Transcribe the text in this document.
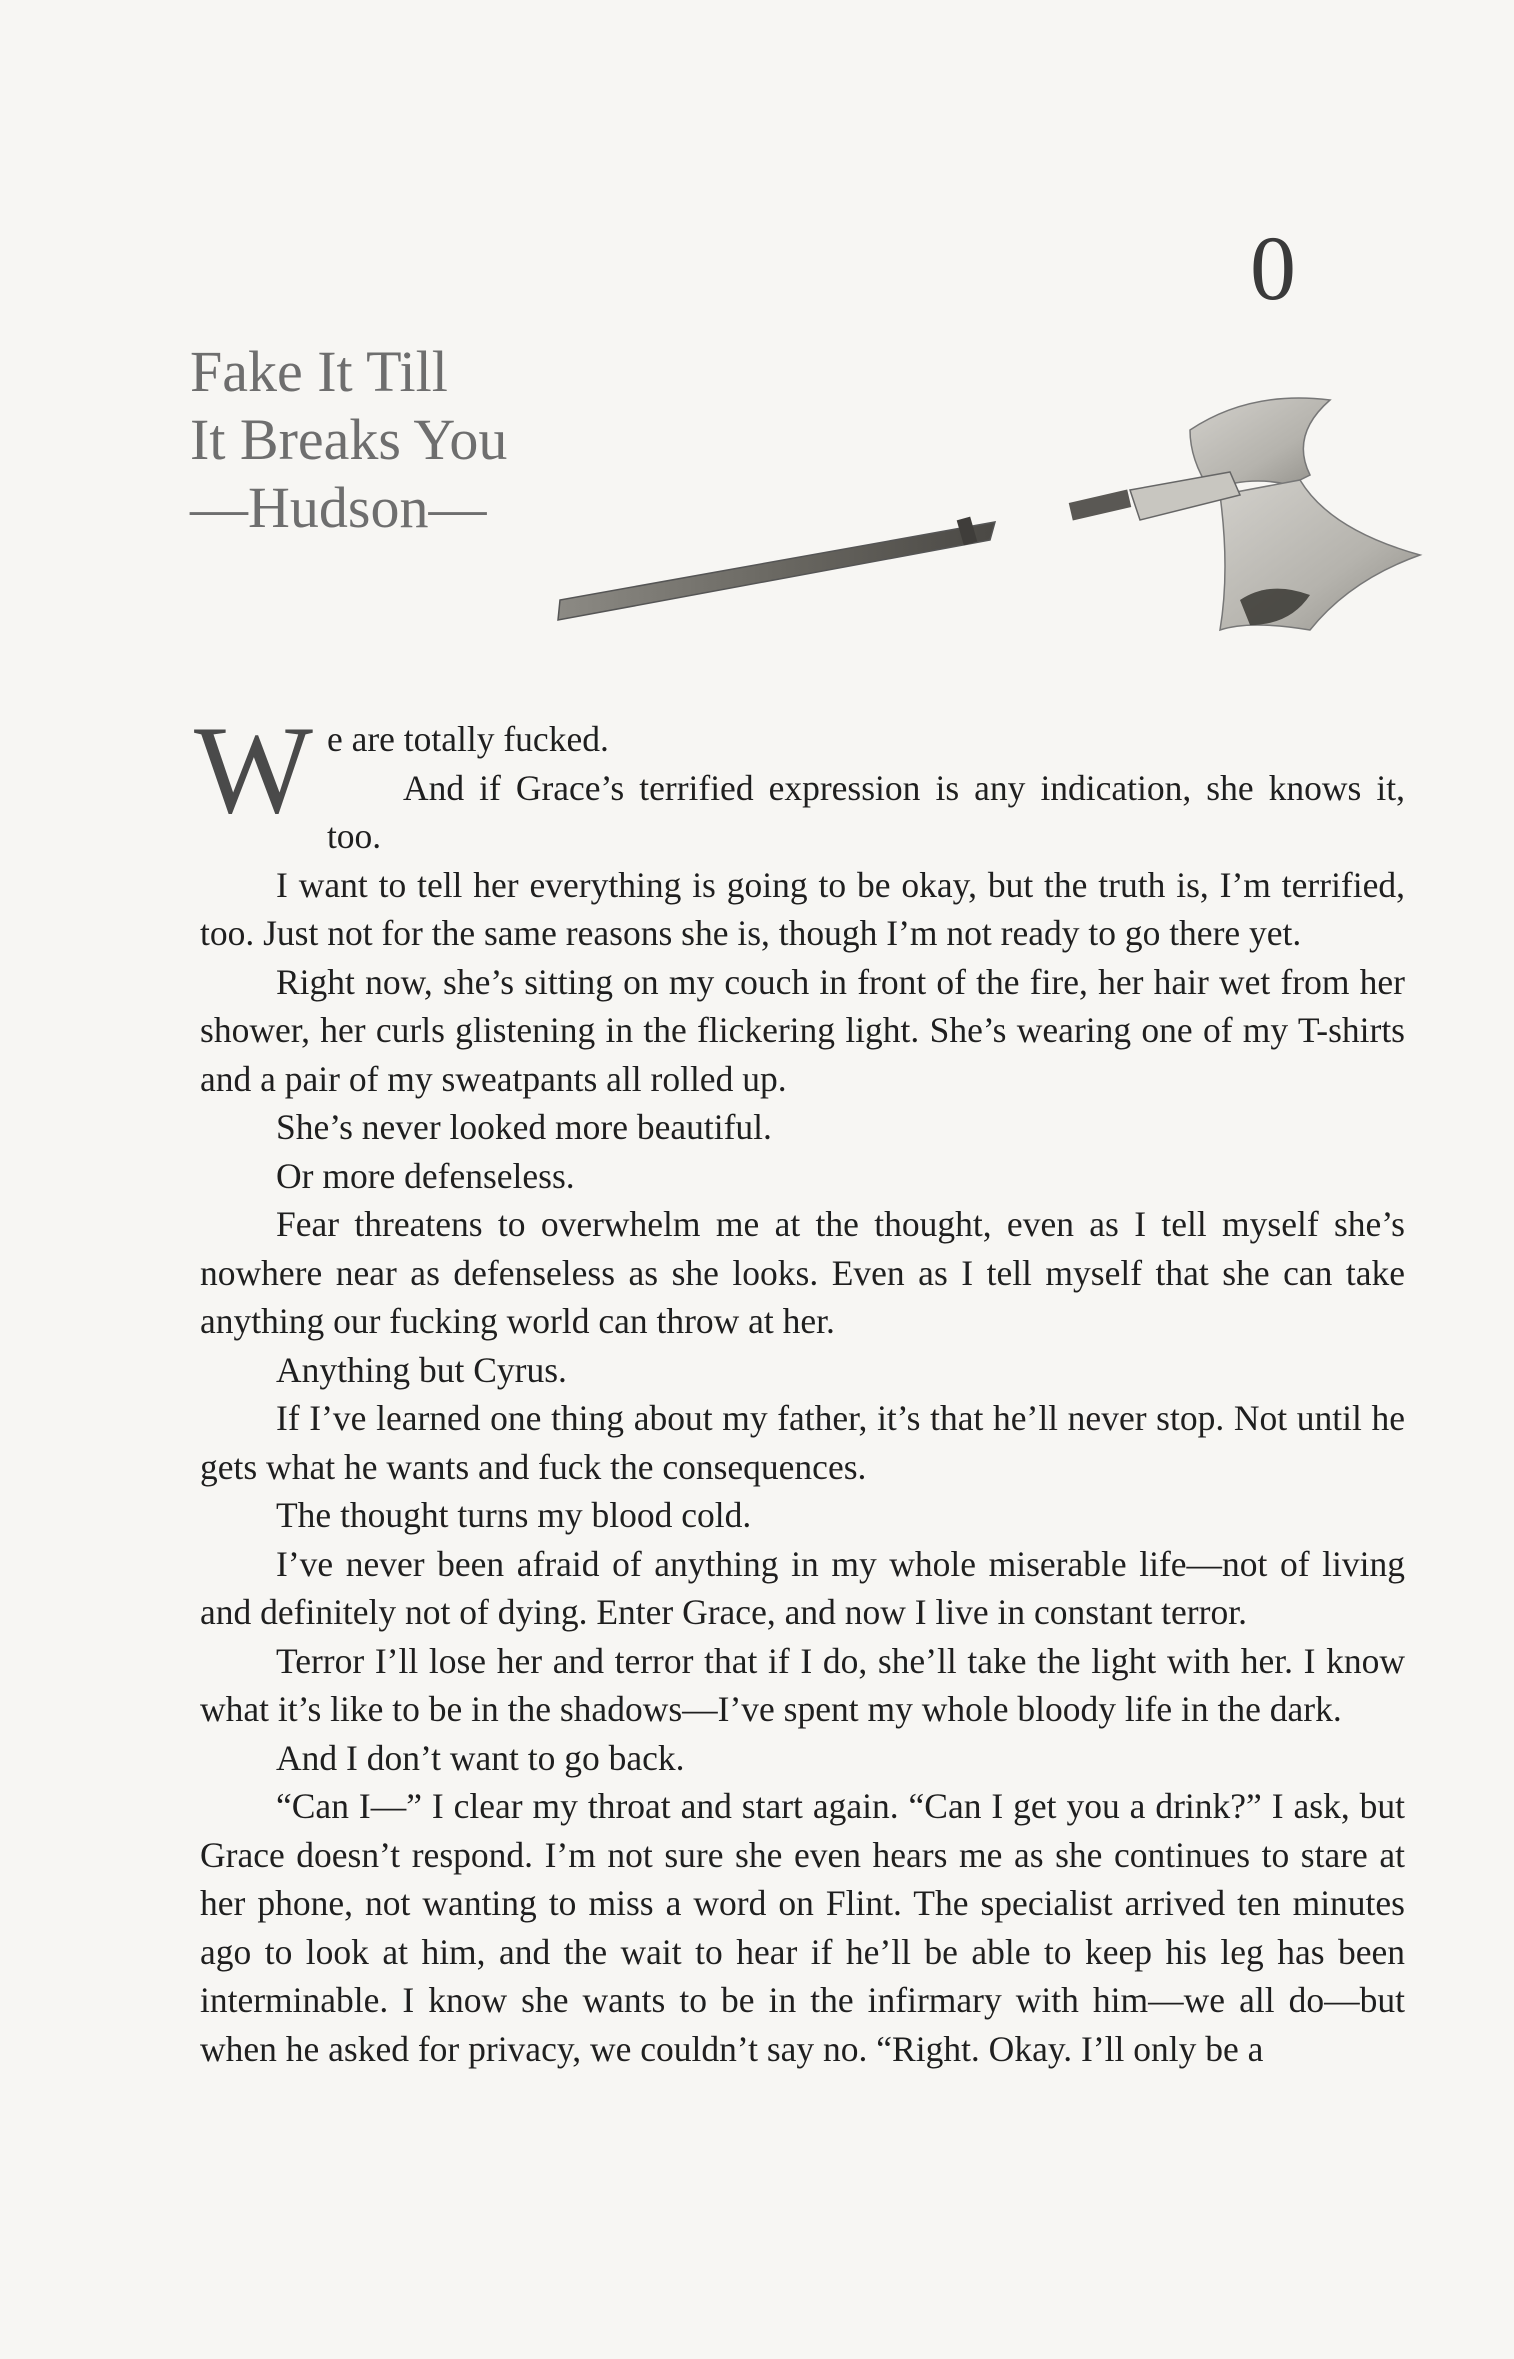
0
Fake It Till
It Breaks You
—Hudson—

We are totally fucked.

And if Grace’s terrified expression is any indication, she knows it, too.

I want to tell her everything is going to be okay, but the truth is, I’m terrified, too. Just not for the same reasons she is, though I’m not ready to go there yet.

Right now, she’s sitting on my couch in front of the fire, her hair wet from her shower, her curls glistening in the flickering light. She’s wearing one of my T-shirts and a pair of my sweatpants all rolled up.

She’s never looked more beautiful.

Or more defenseless.

Fear threatens to overwhelm me at the thought, even as I tell myself she’s nowhere near as defenseless as she looks. Even as I tell myself that she can take anything our fucking world can throw at her.

Anything but Cyrus.

If I’ve learned one thing about my father, it’s that he’ll never stop. Not until he gets what he wants and fuck the consequences.

The thought turns my blood cold.

I’ve never been afraid of anything in my whole miserable life—not of living and definitely not of dying. Enter Grace, and now I live in constant terror.

Terror I’ll lose her and terror that if I do, she’ll take the light with her. I know what it’s like to be in the shadows—I’ve spent my whole bloody life in the dark.

And I don’t want to go back.

“Can I—” I clear my throat and start again. “Can I get you a drink?” I ask, but Grace doesn’t respond. I’m not sure she even hears me as she continues to stare at her phone, not wanting to miss a word on Flint. The specialist arrived ten minutes ago to look at him, and the wait to hear if he’ll be able to keep his leg has been interminable. I know she wants to be in the infirmary with him—we all do—but when he asked for privacy, we couldn’t say no. “Right. Okay. I’ll only be a
